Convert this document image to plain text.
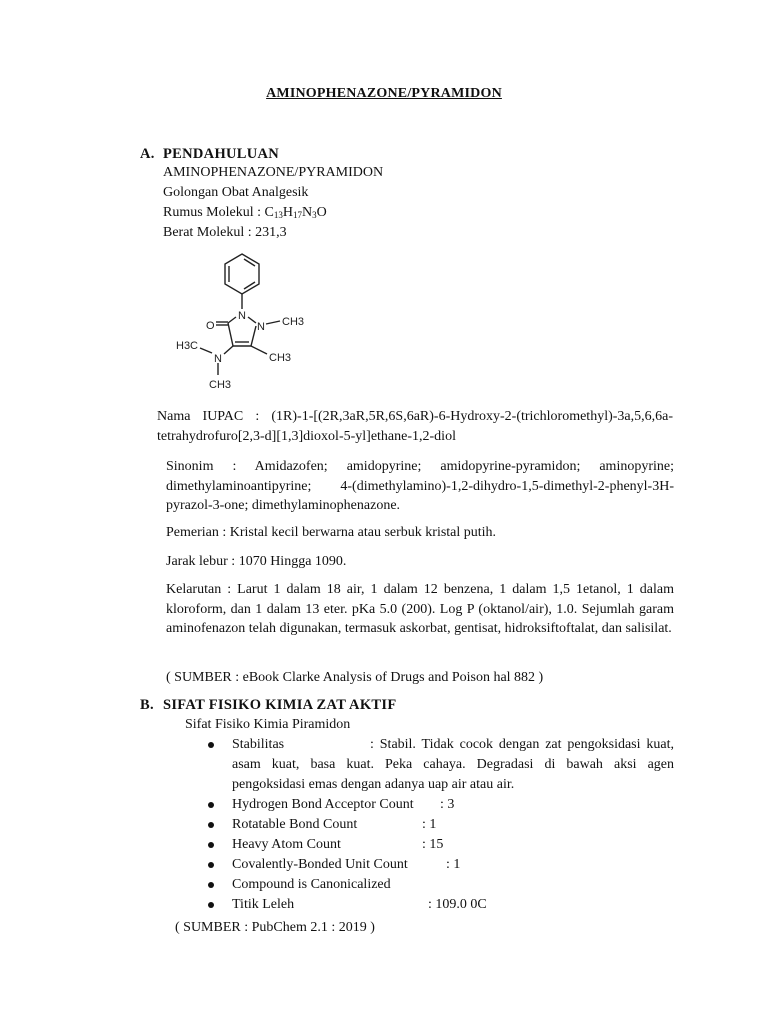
AMINOPHENAZONE/PYRAMIDON
A. PENDAHULUAN
AMINOPHENAZONE/PYRAMIDON
Golongan Obat Analgesik
Rumus Molekul : $C_{13}H_{17}N_3O$
Berat Molekul : 231,3
O
N
N CH3
H3C
N	CH3
CH3
Nama IUPAC : (1R)-1-[(2R,3aR,5R,6S,6aR)-6-Hydroxy-2-(trichloromethyl)-3a,5,6,6a-tetrahydrofuro[2,3-d][1,3]dioxol-5-yl]ethane-1,2-diol
Sinonim : Amidazofen; amidopyrine; amidopyrine-pyramidon; aminopyrine; dimethylaminoantipyrine; 4-(dimethylamino)-1,2-dihydro-1,5-dimethyl-2-phenyl-3H-pyrazol-3-one; dimethylaminophenazone.
Pemerian : Kristal kecil berwarna atau serbuk kristal putih.
Jarak lebur : 1070 Hingga 1090.
Kelarutan : Larut 1 dalam 18 air, 1 dalam 12 benzena, 1 dalam 1,5 1etanol, 1 dalam kloroform, dan 1 dalam 13 eter. pKa 5.0 (200). Log P (oktanol/air), 1.0. Sejumlah garam aminofenazon telah digunakan, termasuk askorbat, gentisat, hidroksiftoftalat, dan salisilat.
( SUMBER : eBook Clarke Analysis of Drugs and Poison hal 882 )
B. SIFAT FISIKO KIMIA ZAT AKTIF
Sifat Fisiko Kimia Piramidon
Stabilitas	: Stabil. Tidak cocok dengan zat pengoksidasi kuat, asam kuat, basa kuat. Peka cahaya. Degradasi di bawah aksi agen pengoksidasi emas dengan adanya uap air atau air.
Hydrogen Bond Acceptor Count : 3
Rotatable Bond Count	: 1
Heavy Atom Count	: 15
Covalently-Bonded Unit Count	: 1
Compound is Canonicalized
Titik Leleh	: 109.0 0C
( SUMBER : PubChem 2.1 : 2019 )
